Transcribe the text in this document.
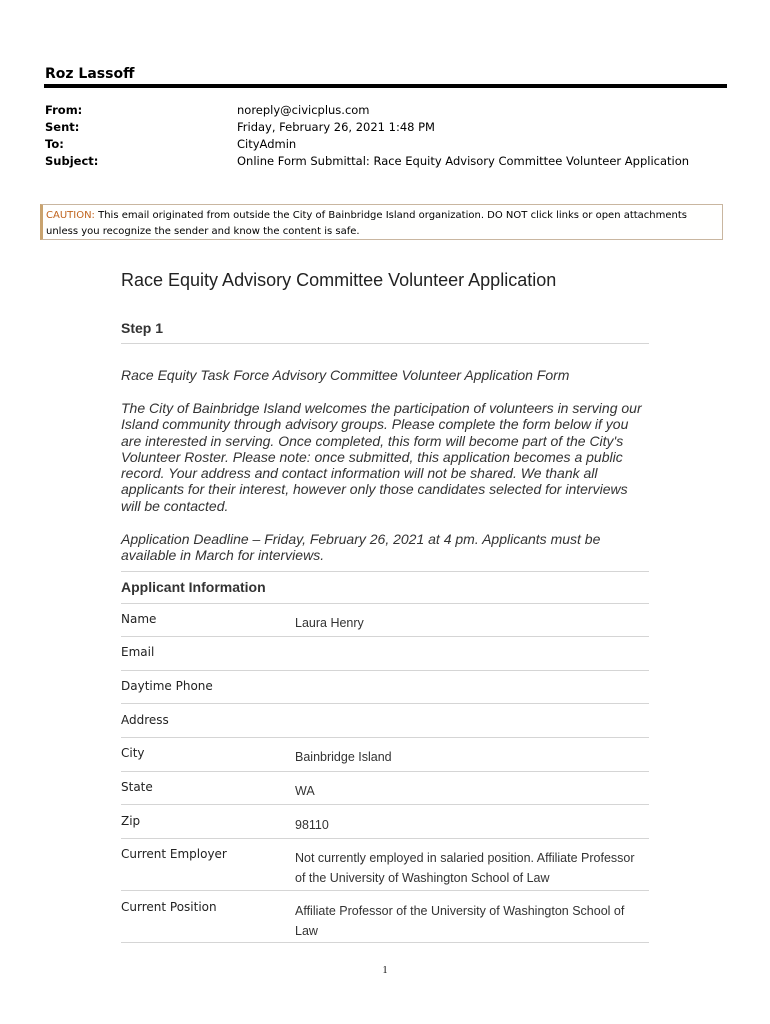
Roz Lassoff
From:	noreply@civicplus.com
Sent:	Friday, February 26, 2021 1:48 PM
To:	CityAdmin
Subject:	Online Form Submittal: Race Equity Advisory Committee Volunteer Application
CAUTION: This email originated from outside the City of Bainbridge Island organization. DO NOT click links or open attachments
unless you recognize the sender and know the content is safe.
Race Equity Advisory Committee Volunteer Application
Step 1
Race Equity Task Force Advisory Committee Volunteer Application Form
The City of Bainbridge Island welcomes the participation of volunteers in serving our Island community through advisory groups. Please complete the form below if you are interested in serving. Once completed, this form will become part of the City's Volunteer Roster. Please note: once submitted, this application becomes a public record. Your address and contact information will not be shared. We thank all applicants for their interest, however only those candidates selected for interviews will be contacted.
Application Deadline – Friday, February 26, 2021 at 4 pm. Applicants must be available in March for interviews.
Applicant Information
Name	Laura Henry
Email
Daytime Phone
Address
City	Bainbridge Island
State	WA
Zip	98110
Current Employer	Not currently employed in salaried position. Affiliate Professor of the University of Washington School of Law
Current Position	Affiliate Professor of the University of Washington School of Law
1
